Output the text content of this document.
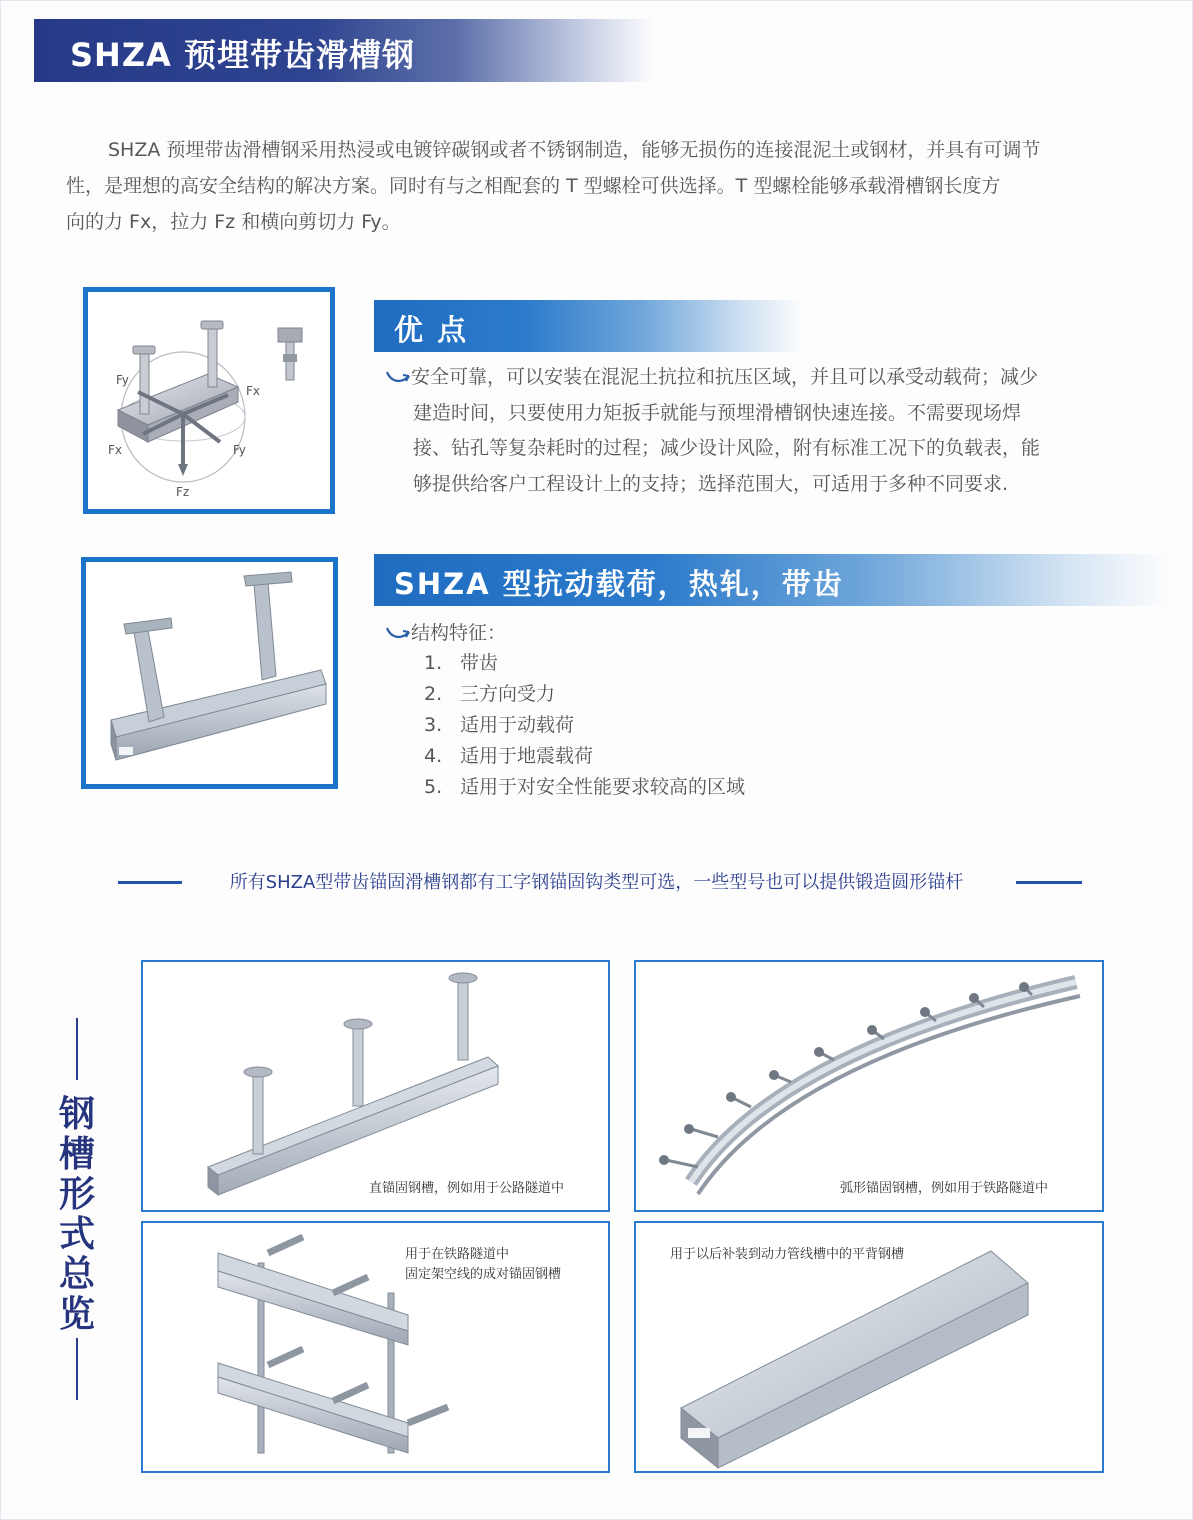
SHZA 预埋带齿滑槽钢

SHZA 预埋带齿滑槽钢采用热浸或电镀锌碳钢或者不锈钢制造，能够无损伤的连接混泥土或钢材，并具有可调节

性，是理想的高安全结构的解决方案。同时有与之相配套的 T 型螺栓可供选择。T 型螺栓能够承载滑槽钢长度方
向的力 Fx，拉力 Fz 和横向剪切力 Fy。
Fy
Fx
Fx	Fy
Fz
优 点
安全可靠，可以安装在混泥土抗拉和抗压区域，并且可以承受动载荷；减少
建造时间，只要使用力矩扳手就能与预埋滑槽钢快速连接。不需要现场焊
接、钻孔等复杂耗时的过程；减少设计风险，附有标准工况下的负载表，能
够提供给客户工程设计上的支持；选择范围大，可适用于多种不同要求.
SHZA 型抗动载荷，热轧，带齿
结构特征：
1. 带齿
2. 三方向受力
3. 适用于动载荷
4. 适用于地震载荷
5. 适用于对安全性能要求较高的区域
所有SHZA型带齿锚固滑槽钢都有工字钢锚固钩类型可选，一些型号也可以提供锻造圆形锚杆
钢
槽
形
式
总
览
直锚固钢槽，例如用于公路隧道中	弧形锚固钢槽，例如用于铁路隧道中
用于在铁路隧道中
固定架空线的成对锚固钢槽
用于以后补装到动力管线槽中的平背钢槽
